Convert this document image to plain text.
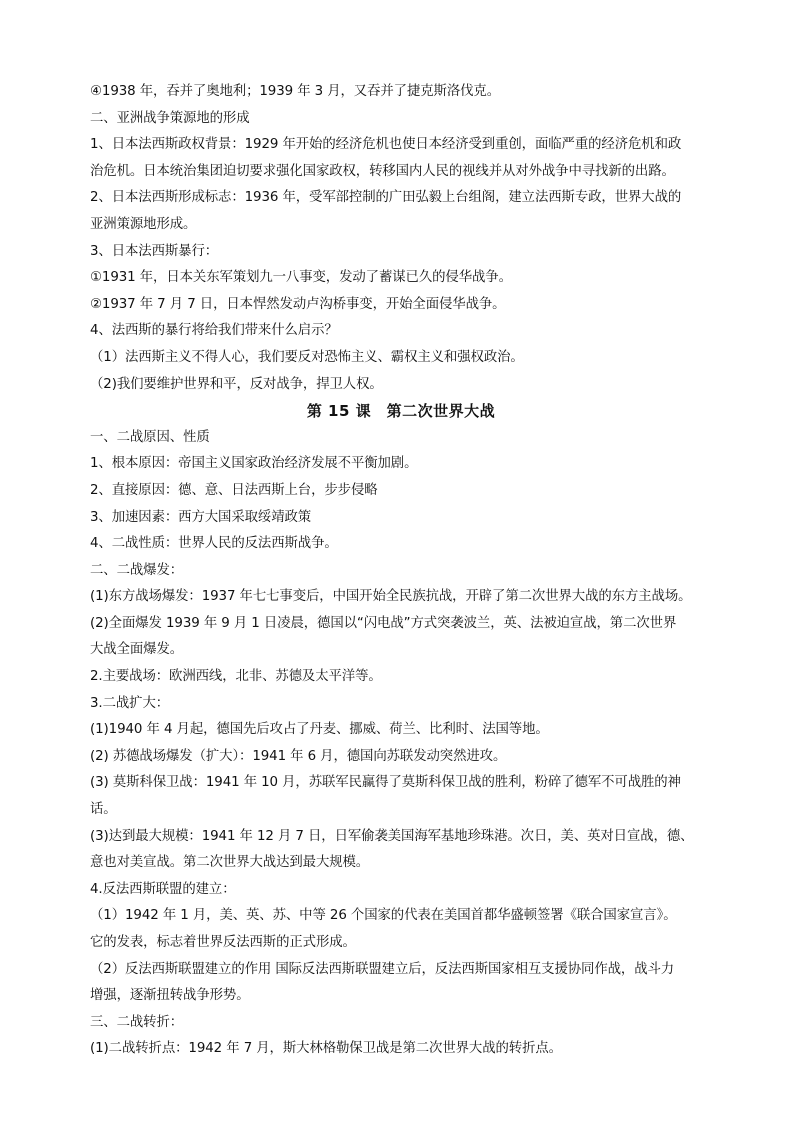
④1938 年，吞并了奥地利；1939 年 3 月，又吞并了捷克斯洛伐克。
二、亚洲战争策源地的形成
1、日本法西斯政权背景：1929 年开始的经济危机也使日本经济受到重创，面临严重的经济危机和政
治危机。日本统治集团迫切要求强化国家政权，转移国内人民的视线并从对外战争中寻找新的出路。
2、日本法西斯形成标志：1936 年，受军部控制的广田弘毅上台组阁，建立法西斯专政，世界大战的
亚洲策源地形成。
3、日本法西斯暴行：
①1931 年，日本关东军策划九一八事变，发动了蓄谋已久的侵华战争。
②1937 年 7 月 7 日，日本悍然发动卢沟桥事变，开始全面侵华战争。
4、法西斯的暴行将给我们带来什么启示？
（1）法西斯主义不得人心，我们要反对恐怖主义、霸权主义和强权政治。
（2)我们要维护世界和平，反对战争，捍卫人权。
第 15 课　第二次世界大战
一、二战原因、性质
1、根本原因：帝国主义国家政治经济发展不平衡加剧。
2、直接原因：德、意、日法西斯上台，步步侵略
3、加速因素：西方大国采取绥靖政策
4、二战性质：世界人民的反法西斯战争。
二、二战爆发：
(1)东方战场爆发：1937 年七七事变后，中国开始全民族抗战，开辟了第二次世界大战的东方主战场。
(2)全面爆发 1939 年 9 月 1 日凌晨，德国以“闪电战”方式突袭波兰，英、法被迫宣战，第二次世界
大战全面爆发。
2.主要战场：欧洲西线，北非、苏德及太平洋等。
3.二战扩大：
(1)1940 年 4 月起，德国先后攻占了丹麦、挪威、荷兰、比利时、法国等地。
(2) 苏德战场爆发（扩大）：1941 年 6 月，德国向苏联发动突然进攻。
(3) 莫斯科保卫战：1941 年 10 月，苏联军民赢得了莫斯科保卫战的胜利，粉碎了德军不可战胜的神
话。
(3)达到最大规模：1941 年 12 月 7 日，日军偷袭美国海军基地珍珠港。次日，美、英对日宣战，德、
意也对美宣战。第二次世界大战达到最大规模。
4.反法西斯联盟的建立：
（1）1942 年 1 月，美、英、苏、中等 26 个国家的代表在美国首都华盛顿签署《联合国家宣言》。
它的发表，标志着世界反法西斯的正式形成。
（2）反法西斯联盟建立的作用 国际反法西斯联盟建立后，反法西斯国家相互支援协同作战，战斗力
增强，逐渐扭转战争形势。
三、二战转折：
(1)二战转折点：1942 年 7 月，斯大林格勒保卫战是第二次世界大战的转折点。
